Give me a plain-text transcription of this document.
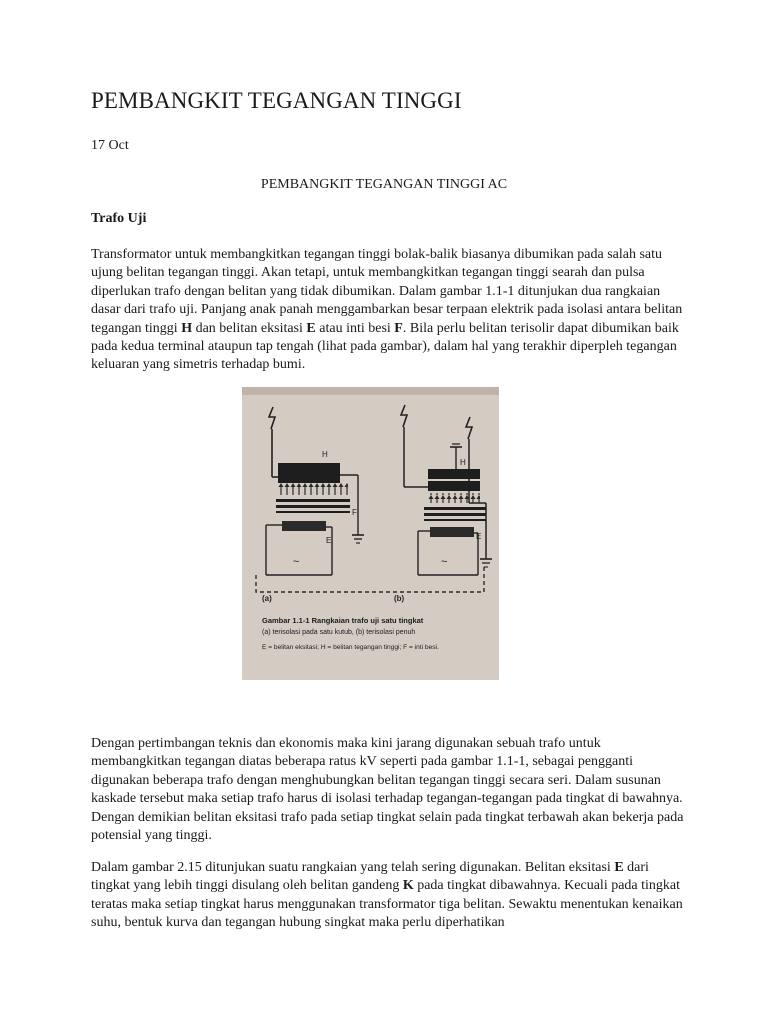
PEMBANGKIT TEGANGAN TINGGI
17 Oct
PEMBANGKIT TEGANGAN TINGGI AC
Trafo Uji

Transformator untuk membangkitkan tegangan tinggi bolak-balik biasanya dibumikan pada salah satu ujung belitan tegangan tinggi. Akan tetapi, untuk membangkitkan tegangan tinggi searah dan pulsa diperlukan trafo dengan belitan yang tidak dibumikan. Dalam gambar 1.1-1 ditunjukan dua rangkaian dasar dari trafo uji. Panjang anak panah menggambarkan besar terpaan elektrik pada isolasi antara belitan tegangan tinggi H dan belitan eksitasi E atau inti besi F. Bila perlu belitan terisolir dapat dibumikan baik pada kedua terminal ataupun tap tengah (lihat pada gambar), dalam hal yang terakhir diperpleh tegangan keluaran yang simetris terhadap bumi.

H
F
E
~
H
E
~
(a)	(b)
Gambar 1.1-1 Rangkaian trafo uji satu tingkat
(a) terisolasi pada satu kutub, (b) terisolasi penuh
E = belitan eksitasi; H = belitan tegangan tinggi; F = inti besi.

Dengan pertimbangan teknis dan ekonomis maka kini jarang digunakan sebuah trafo untuk membangkitkan tegangan diatas beberapa ratus kV seperti pada gambar 1.1-1, sebagai pengganti digunakan beberapa trafo dengan menghubungkan belitan tegangan tinggi secara seri. Dalam susunan kaskade tersebut maka setiap trafo harus di isolasi terhadap tegangan-tegangan pada tingkat di bawahnya. Dengan demikian belitan eksitasi trafo pada setiap tingkat selain pada tingkat terbawah akan bekerja pada potensial yang tinggi.

Dalam gambar 2.15 ditunjukan suatu rangkaian yang telah sering digunakan. Belitan eksitasi E dari tingkat yang lebih tinggi disulang oleh belitan gandeng K pada tingkat dibawahnya. Kecuali pada tingkat teratas maka setiap tingkat harus menggunakan transformator tiga belitan. Sewaktu menentukan kenaikan suhu, bentuk kurva dan tegangan hubung singkat maka perlu diperhatikan
